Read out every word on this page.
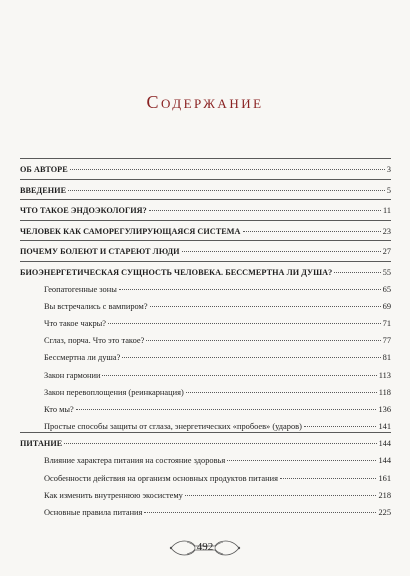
Содержание
ОБ АВТОРЕ	3
ВВЕДЕНИЕ	5
ЧТО ТАКОЕ ЭНДОЭКОЛОГИЯ?	11
ЧЕЛОВЕК КАК САМОРЕГУЛИРУЮЩАЯСЯ СИСТЕМА	23
ПОЧЕМУ БОЛЕЮТ И СТАРЕЮТ ЛЮДИ	27
БИОЭНЕРГЕТИЧЕСКАЯ СУЩНОСТЬ ЧЕЛОВЕКА. БЕССМЕРТНА ЛИ ДУША?	55
Геопатогенные зоны	65
Вы встречались с вампиром?	69
Что такое чакры?	71
Сглаз, порча. Что это такое?	77
Бессмертна ли душа?	81
Закон гармонии	113
Закон перевоплощения (реинкарнация)	118
Кто мы?	136
Простые способы защиты от сглаза, энергетических «пробоев» (ударов)	141
ПИТАНИЕ	144
Влияние характера питания на состояние здоровья	144
Особенности действия на организм основных продуктов питания	161
Как изменить внутреннюю экосистему	218
Основные правила питания	225
492
